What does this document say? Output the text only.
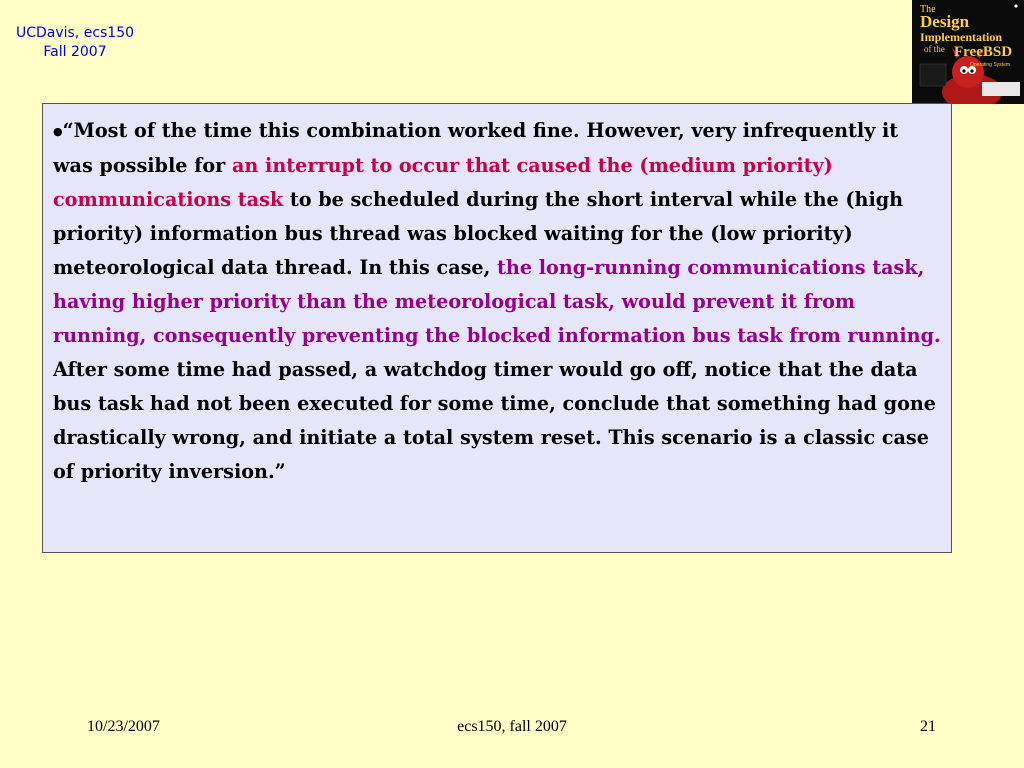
UCDavis, ecs150
Fall 2007
The
Design
Implementation
of the FreeBSD
Operating System
●“Most of the time this combination worked fine. However, very infrequently it was possible for an interrupt to occur that caused the (medium priority) communications task to be scheduled during the short interval while the (high priority) information bus thread was blocked waiting for the (low priority) meteorological data thread. In this case, the long-running communications task, having higher priority than the meteorological task, would prevent it from running, consequently preventing the blocked information bus task from running. After some time had passed, a watchdog timer would go off, notice that the data bus task had not been executed for some time, conclude that something had gone drastically wrong, and initiate a total system reset. This scenario is a classic case of priority inversion.”
10/23/2007	ecs150, fall 2007	21
